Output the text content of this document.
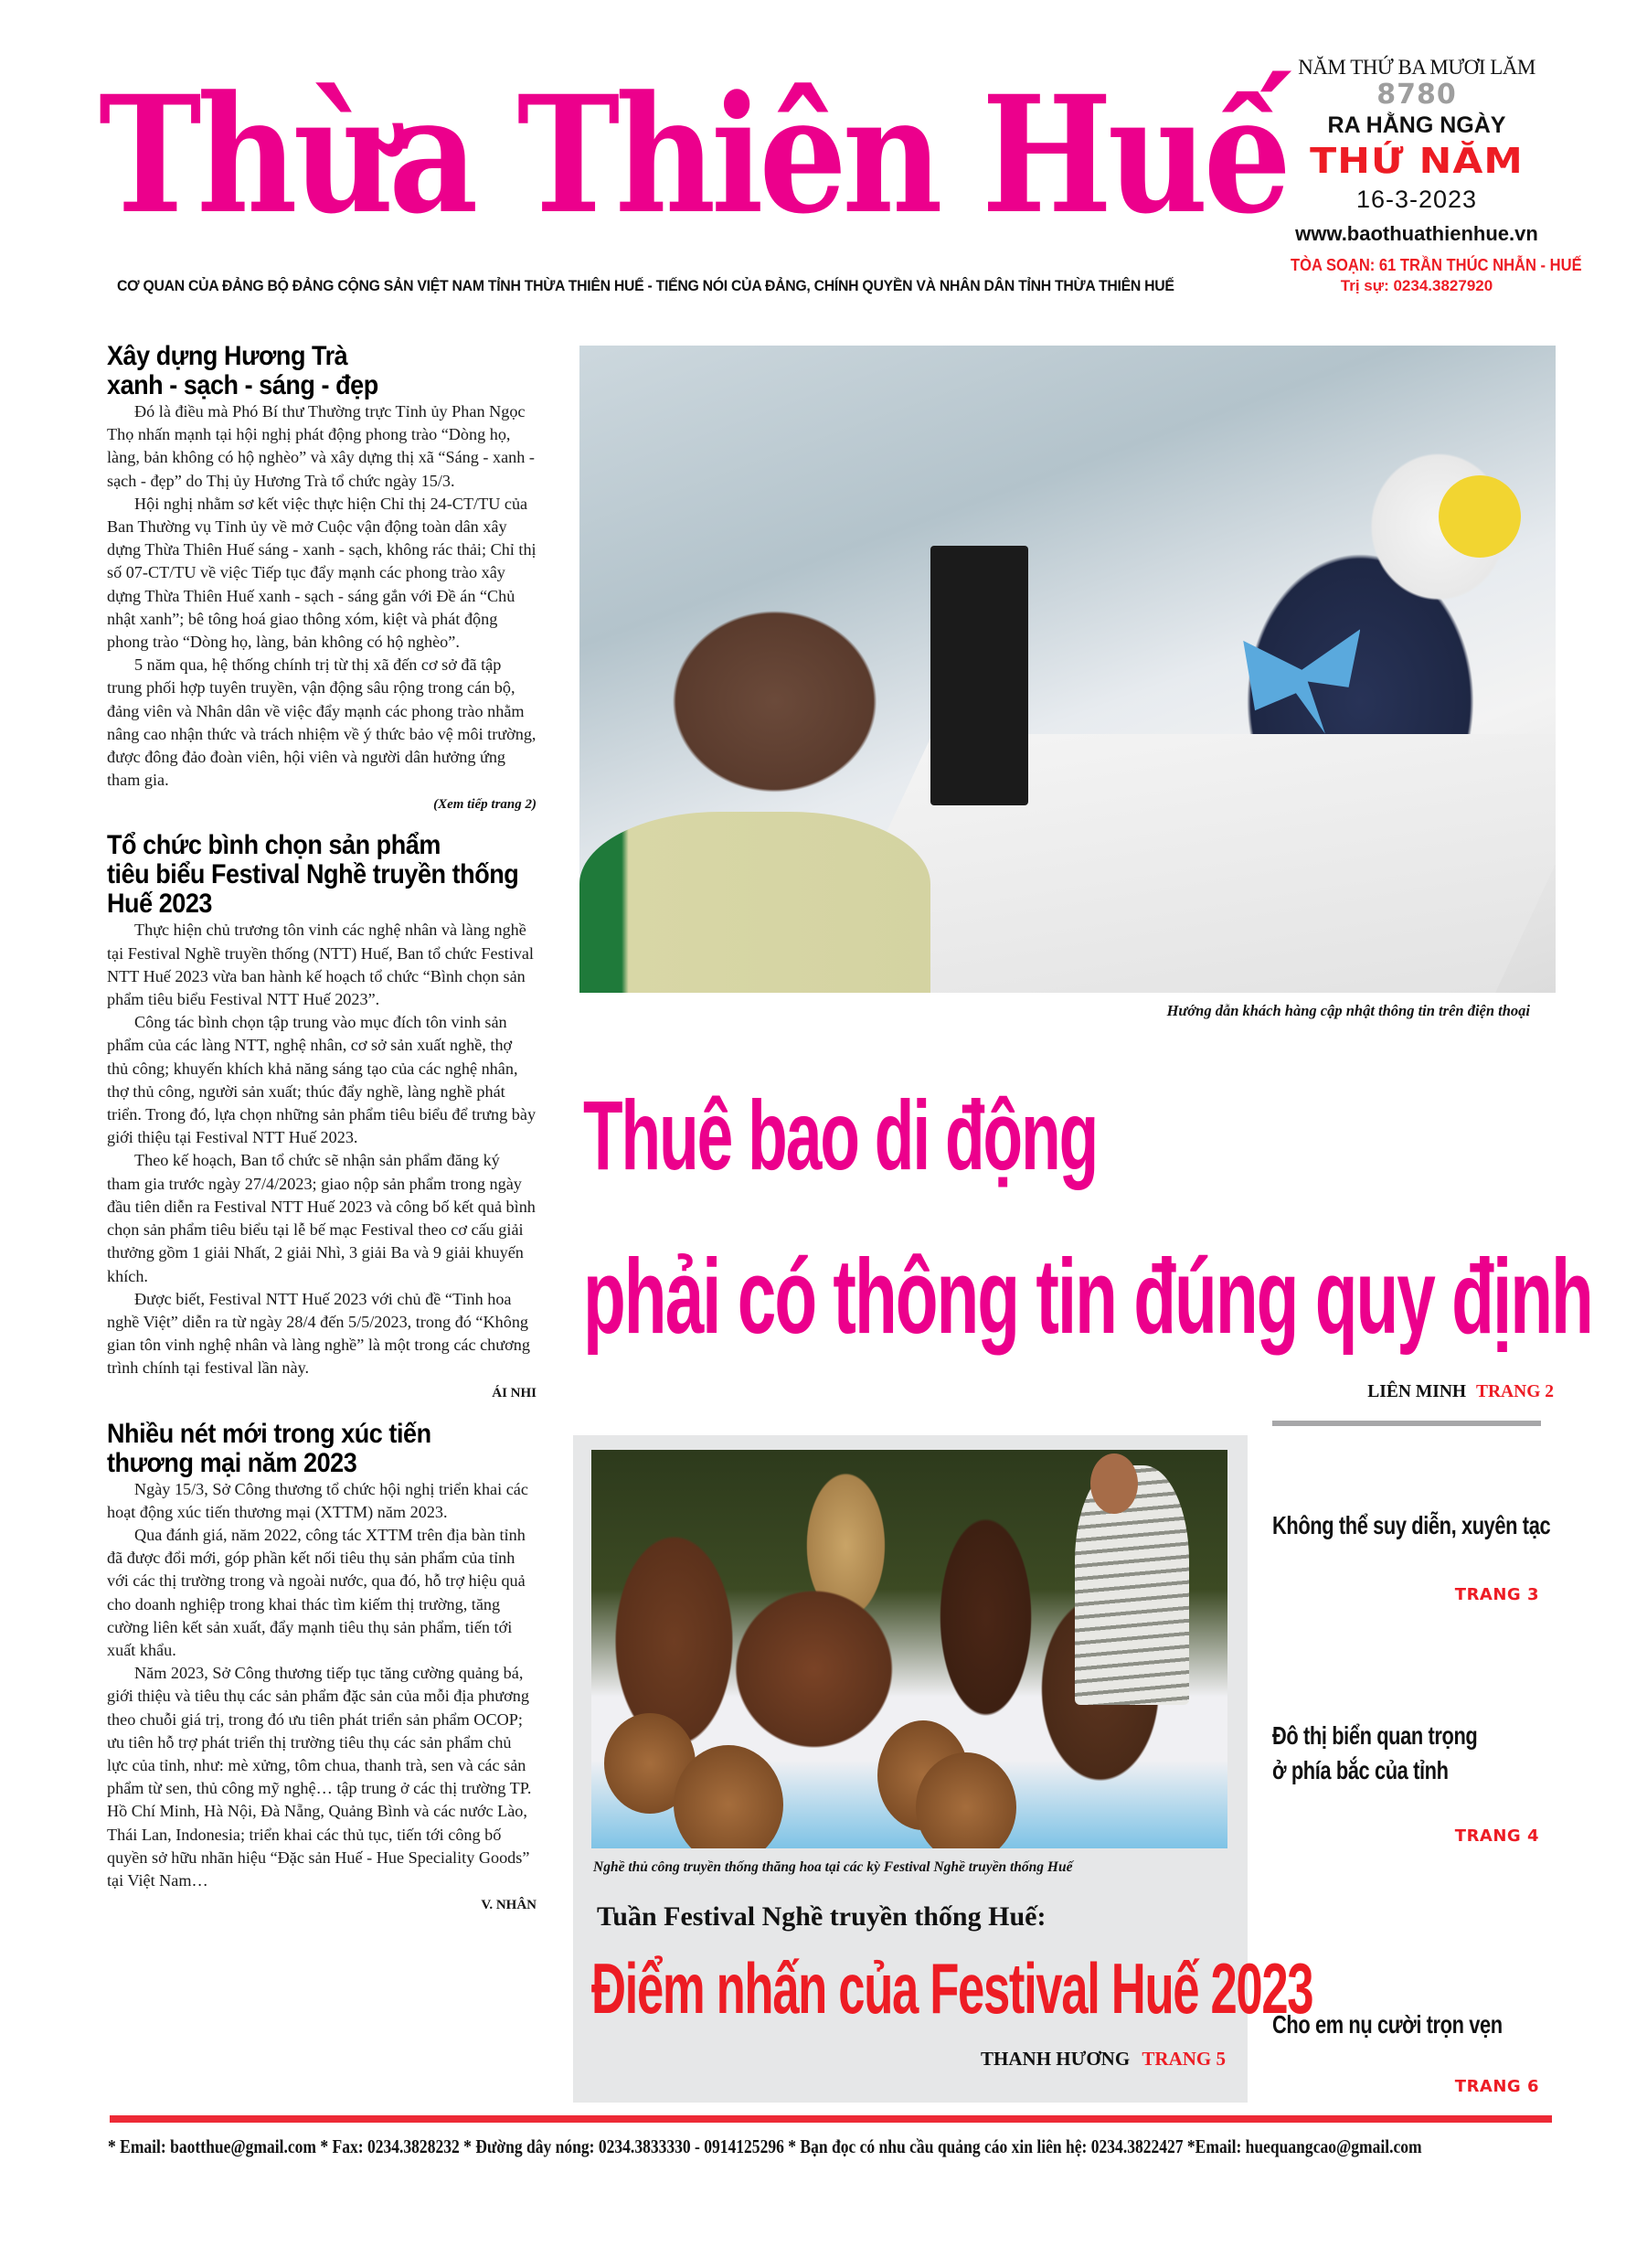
Thừa Thiên Huế
CƠ QUAN CỦA ĐẢNG BỘ ĐẢNG CỘNG SẢN VIỆT NAM TỈNH THỪA THIÊN HUẾ - TIẾNG NÓI CỦA ĐẢNG, CHÍNH QUYỀN VÀ NHÂN DÂN TỈNH THỪA THIÊN HUẾ
NĂM THỨ BA MƯƠI LĂM
8780
RA HẰNG NGÀY
THỨ NĂM
16-3-2023
www.baothuathienhue.vn
TÒA SOẠN: 61 TRẦN THÚC NHẪN - HUẾ
Trị sự: 0234.3827920
Xây dựng Hương Trà
xanh - sạch - sáng - đẹp

Đó là điều mà Phó Bí thư Thường trực Tỉnh ủy Phan Ngọc Thọ nhấn mạnh tại hội nghị phát động phong trào “Dòng họ, làng, bản không có hộ nghèo” và xây dựng thị xã “Sáng - xanh - sạch - đẹp” do Thị ủy Hương Trà tổ chức ngày 15/3.

Hội nghị nhằm sơ kết việc thực hiện Chỉ thị 24-CT/TU của Ban Thường vụ Tỉnh ủy về mở Cuộc vận động toàn dân xây dựng Thừa Thiên Huế sáng - xanh - sạch, không rác thải; Chỉ thị số 07-CT/TU về việc Tiếp tục đẩy mạnh các phong trào xây dựng Thừa Thiên Huế xanh - sạch - sáng gắn với Đề án “Chủ nhật xanh”; bê tông hoá giao thông xóm, kiệt và phát động phong trào “Dòng họ, làng, bản không có hộ nghèo”.

5 năm qua, hệ thống chính trị từ thị xã đến cơ sở đã tập trung phối hợp tuyên truyền, vận động sâu rộng trong cán bộ, đảng viên và Nhân dân về việc đẩy mạnh các phong trào nhằm nâng cao nhận thức và trách nhiệm về ý thức bảo vệ môi trường, được đông đảo đoàn viên, hội viên và người dân hưởng ứng tham gia.

(Xem tiếp trang 2)
Tổ chức bình chọn sản phẩm
tiêu biểu Festival Nghề truyền thống
Huế 2023

Thực hiện chủ trương tôn vinh các nghệ nhân và làng nghề tại Festival Nghề truyền thống (NTT) Huế, Ban tổ chức Festival NTT Huế 2023 vừa ban hành kế hoạch tổ chức “Bình chọn sản phẩm tiêu biểu Festival NTT Huế 2023”.

Công tác bình chọn tập trung vào mục đích tôn vinh sản phẩm của các làng NTT, nghệ nhân, cơ sở sản xuất nghề, thợ thủ công; khuyến khích khả năng sáng tạo của các nghệ nhân, thợ thủ công, người sản xuất; thúc đẩy nghề, làng nghề phát triển. Trong đó, lựa chọn những sản phẩm tiêu biểu để trưng bày giới thiệu tại Festival NTT Huế 2023.

Theo kế hoạch, Ban tổ chức sẽ nhận sản phẩm đăng ký tham gia trước ngày 27/4/2023; giao nộp sản phẩm trong ngày đầu tiên diễn ra Festival NTT Huế 2023 và công bố kết quả bình chọn sản phẩm tiêu biểu tại lễ bế mạc Festival theo cơ cấu giải thưởng gồm 1 giải Nhất, 2 giải Nhì, 3 giải Ba và 9 giải khuyến khích.

Được biết, Festival NTT Huế 2023 với chủ đề “Tinh hoa nghề Việt” diễn ra từ ngày 28/4 đến 5/5/2023, trong đó “Không gian tôn vinh nghệ nhân và làng nghề” là một trong các chương trình chính tại festival lần này.

ÁI NHI
Nhiều nét mới trong xúc tiến
thương mại năm 2023

Ngày 15/3, Sở Công thương tổ chức hội nghị triển khai các hoạt động xúc tiến thương mại (XTTM) năm 2023.

Qua đánh giá, năm 2022, công tác XTTM trên địa bàn tỉnh đã được đổi mới, góp phần kết nối tiêu thụ sản phẩm của tỉnh với các thị trường trong và ngoài nước, qua đó, hỗ trợ hiệu quả cho doanh nghiệp trong khai thác tìm kiếm thị trường, tăng cường liên kết sản xuất, đẩy mạnh tiêu thụ sản phẩm, tiến tới xuất khẩu.

Năm 2023, Sở Công thương tiếp tục tăng cường quảng bá, giới thiệu và tiêu thụ các sản phẩm đặc sản của mỗi địa phương theo chuỗi giá trị, trong đó ưu tiên phát triển sản phẩm OCOP; ưu tiên hỗ trợ phát triển thị trường tiêu thụ các sản phẩm chủ lực của tỉnh, như: mè xửng, tôm chua, thanh trà, sen và các sản phẩm từ sen, thủ công mỹ nghệ… tập trung ở các thị trường TP. Hồ Chí Minh, Hà Nội, Đà Nẵng, Quảng Bình và các nước Lào, Thái Lan, Indonesia; triển khai các thủ tục, tiến tới công bố quyền sở hữu nhãn hiệu “Đặc sản Huế - Hue Speciality Goods” tại Việt Nam…

V. NHÂN
Hướng dẫn khách hàng cập nhật thông tin trên điện thoại
Thuê bao di động
phải có thông tin đúng quy định
LIÊN MINH TRANG 2
Nghề thủ công truyền thống thăng hoa tại các kỳ Festival Nghề truyền thống Huế
Tuần Festival Nghề truyền thống Huế:
Điểm nhấn của Festival Huế 2023
THANH HƯƠNG TRANG 5
Không thể suy diễn, xuyên tạc
TRANG 3
Đô thị biển quan trọng
ở phía bắc của tỉnh
TRANG 4
Cho em nụ cười trọn vẹn
TRANG 6
* Email: baotthue@gmail.com * Fax: 0234.3828232 * Đường dây nóng: 0234.3833330 - 0914125296 * Bạn đọc có nhu cầu quảng cáo xin liên hệ: 0234.3822427 *Email: huequangcao@gmail.com
